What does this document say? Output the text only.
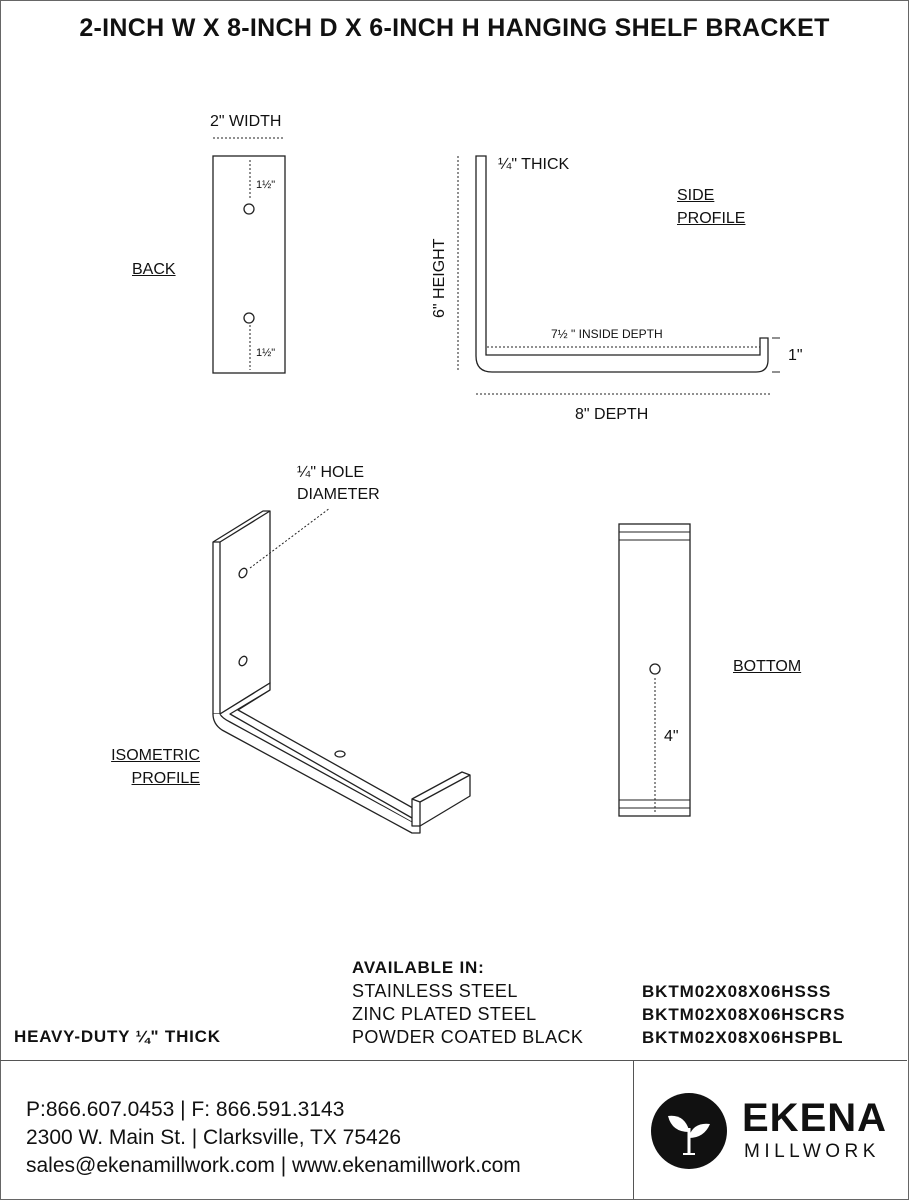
2-INCH W X 8-INCH D X 6-INCH H HANGING SHELF BRACKET
2" WIDTH
BACK
1½"
1½"
¼" THICK
SIDE
PROFILE
6" HEIGHT
7½ " INSIDE DEPTH
1"
8" DEPTH
¼" HOLE
DIAMETER
ISOMETRIC
PROFILE
BOTTOM
4"
AVAILABLE IN:
STAINLESS STEEL
ZINC PLATED STEEL
POWDER COATED BLACK
BKTM02X08X06HSSS
BKTM02X08X06HSCRS
BKTM02X08X06HSPBL
HEAVY-DUTY ¼" THICK
P:866.607.0453 | F: 866.591.3143
2300 W. Main St. | Clarksville, TX 75426
sales@ekenamillwork.com | www.ekenamillwork.com
EKENA
MILLWORK
